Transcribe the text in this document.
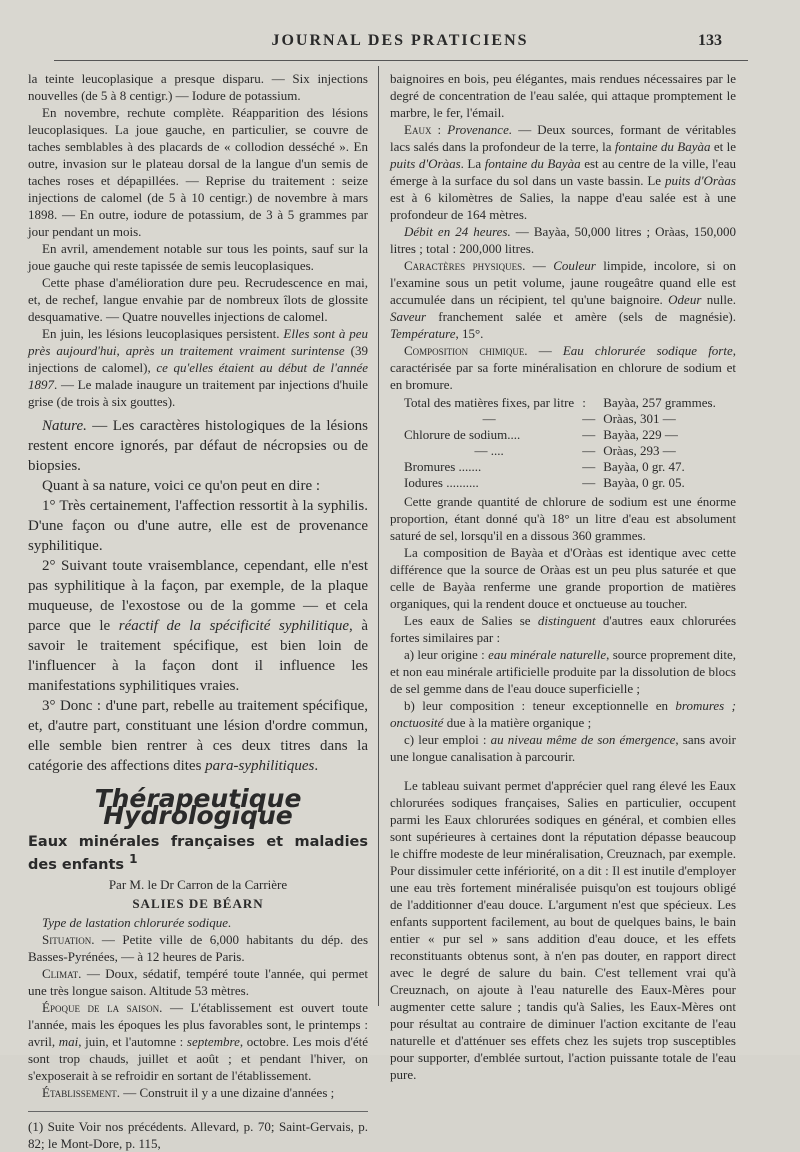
JOURNAL DES PRATICIENS	133

la teinte leucoplasique a presque disparu. — Six injections nouvelles (de 5 à 8 centigr.) — Iodure de potassium.

En novembre, rechute complète. Réapparition des lésions leucoplasiques. La joue gauche, en particulier, se couvre de taches semblables à des placards de « collodion desséché ». En outre, invasion sur le plateau dorsal de la langue d'un semis de taches roses et dépapillées. — Reprise du traitement : seize injections de calomel (de 5 à 10 centigr.) de novembre à mars 1898. — En outre, iodure de potassium, de 3 à 5 grammes par jour pendant un mois.

En avril, amendement notable sur tous les points, sauf sur la joue gauche qui reste tapissée de semis leucoplasiques.

Cette phase d'amélioration dure peu. Recrudescence en mai, et, de rechef, langue envahie par de nombreux îlots de glossite desquamative. — Quatre nouvelles injections de calomel.

En juin, les lésions leucoplasiques persistent. Elles sont à peu près aujourd'hui, après un traitement vraiment surintense (39 injections de calomel), ce qu'elles étaient au début de l'année 1897. — Le malade inaugure un traitement par injections d'huile grise (de trois à six gouttes).

Nature. — Les caractères histologiques de la lésions restent encore ignorés, par défaut de nécropsies ou de biopsies.

Quant à sa nature, voici ce qu'on peut en dire :

1° Très certainement, l'affection ressortit à la syphilis. D'une façon ou d'une autre, elle est de provenance syphilitique.

2° Suivant toute vraisemblance, cependant, elle n'est pas syphilitique à la façon, par exemple, de la plaque muqueuse, de l'exostose ou de la gomme — et cela parce que le réactif de la spécificité syphilitique, à savoir le traitement spécifique, est bien loin de l'influencer à la façon dont il influence les manifestations syphilitiques vraies.

3° Donc : d'une part, rebelle au traitement spécifique, et, d'autre part, constituant une lésion d'ordre commun, elle semble bien rentrer à ces deux titres dans la catégorie des affections dites para-syphilitiques.

Thérapeutique Hydrologique
Eaux minérales françaises et maladies des enfants $^1$

Par M. le Dr Carron de la Carrière

SALIES DE BÉARN

Type de lastation chlorurée sodique.

Situation. — Petite ville de 6,000 habitants du dép. des Basses-Pyrénées, — à 12 heures de Paris.

Climat. — Doux, sédatif, tempéré toute l'année, qui permet une très longue saison. Altitude 53 mètres.

Époque de la saison. — L'établissement est ouvert toute l'année, mais les époques les plus favorables sont, le printemps : avril, mai, juin, et l'automne : septembre, octobre. Les mois d'été sont trop chauds, juillet et août ; et pendant l'hiver, on s'exposerait à se refroidir en sortant de l'établissement.

Établissement. — Construit il y a une dizaine d'années ;

(1) Suite Voir nos précédents. Allevard, p. 70; Saint-Gervais, p. 82; le Mont-Dore, p. 115,

baignoires en bois, peu élégantes, mais rendues nécessaires par le degré de concentration de l'eau salée, qui attaque promptement le marbre, le fer, l'émail.

Eaux : Provenance. — Deux sources, formant de véritables lacs salés dans la profondeur de la terre, la fontaine du Bayàa et le puits d'Oràas. La fontaine du Bayàa est au centre de la ville, l'eau émerge à la surface du sol dans un vaste bassin. Le puits d'Oràas est à 6 kilomètres de Salies, la nappe d'eau salée est à une profondeur de 164 mètres.

Débit en 24 heures. — Bayàa, 50,000 litres ; Oràas, 150,000 litres ; total : 200,000 litres.

Caractères physiques. — Couleur limpide, incolore, si on l'examine sous un petit volume, jaune rougeâtre quand elle est accumulée dans un récipient, tel qu'une baignoire. Odeur nulle. Saveur franchement salée et amère (sels de magnésie). Température, 15°.

Composition chimique. — Eau chlorurée sodique forte, caractérisée par sa forte minéralisation en chlorure de sodium et en bromure.

Total des matières fixes, par litre	:	Bayàa, 257 grammes.
—	—	Oràas, 301 —
Chlorure de sodium....	—	Bayàa, 229 —
— ....	—	Oràas, 293 —
Bromures .......	—	Bayàa, 0 gr. 47.
Iodures ..........	—	Bayàa, 0 gr. 05.

Cette grande quantité de chlorure de sodium est une énorme proportion, étant donné qu'à 18° un litre d'eau est absolument saturé de sel, lorsqu'il en a dissous 360 grammes.

La composition de Bayàa et d'Oràas est identique avec cette différence que la source de Oràas est un peu plus saturée et que celle de Bayàa renferme une grande proportion de matières organiques, qui la rendent douce et onctueuse au toucher.

Les eaux de Salies se distinguent d'autres eaux chlorurées fortes similaires par :

a) leur origine : eau minérale naturelle, source proprement dite, et non eau minérale artificielle produite par la dissolution de blocs de sel gemme dans de l'eau douce superficielle ;

b) leur composition : teneur exceptionnelle en bromures ; onctuosité due à la matière organique ;

c) leur emploi : au niveau même de son émergence, sans avoir une longue canalisation à parcourir.

Le tableau suivant permet d'apprécier quel rang élevé les Eaux chlorurées sodiques françaises, Salies en particulier, occupent parmi les Eaux chlorurées sodiques en général, et combien elles sont supérieures à certaines dont la réputation dépasse beaucoup le chiffre modeste de leur minéralisation, Creuznach, par exemple. Pour dissimuler cette infériorité, on a dit : Il est inutile d'employer une eau très fortement minéralisée puisqu'on est toujours obligé de l'additionner d'eau douce. L'argument n'est que spécieux. Les enfants supportent facilement, au bout de quelques bains, le bain entier « pur sel » sans addition d'eau douce, et les effets reconstituants obtenus sont, à n'en pas douter, en rapport direct avec le degré de salure du bain. C'est tellement vrai qu'à Creuznach, on ajoute à l'eau naturelle des Eaux-Mères pour augmenter cette salure ; tandis qu'à Salies, les Eaux-Mères ont pour résultat au contraire de diminuer l'action excitante de l'eau naturelle et d'atténuer ses effets chez les sujets trop susceptibles pour supporter, d'emblée surtout, l'action puissante totale de l'eau pure.
